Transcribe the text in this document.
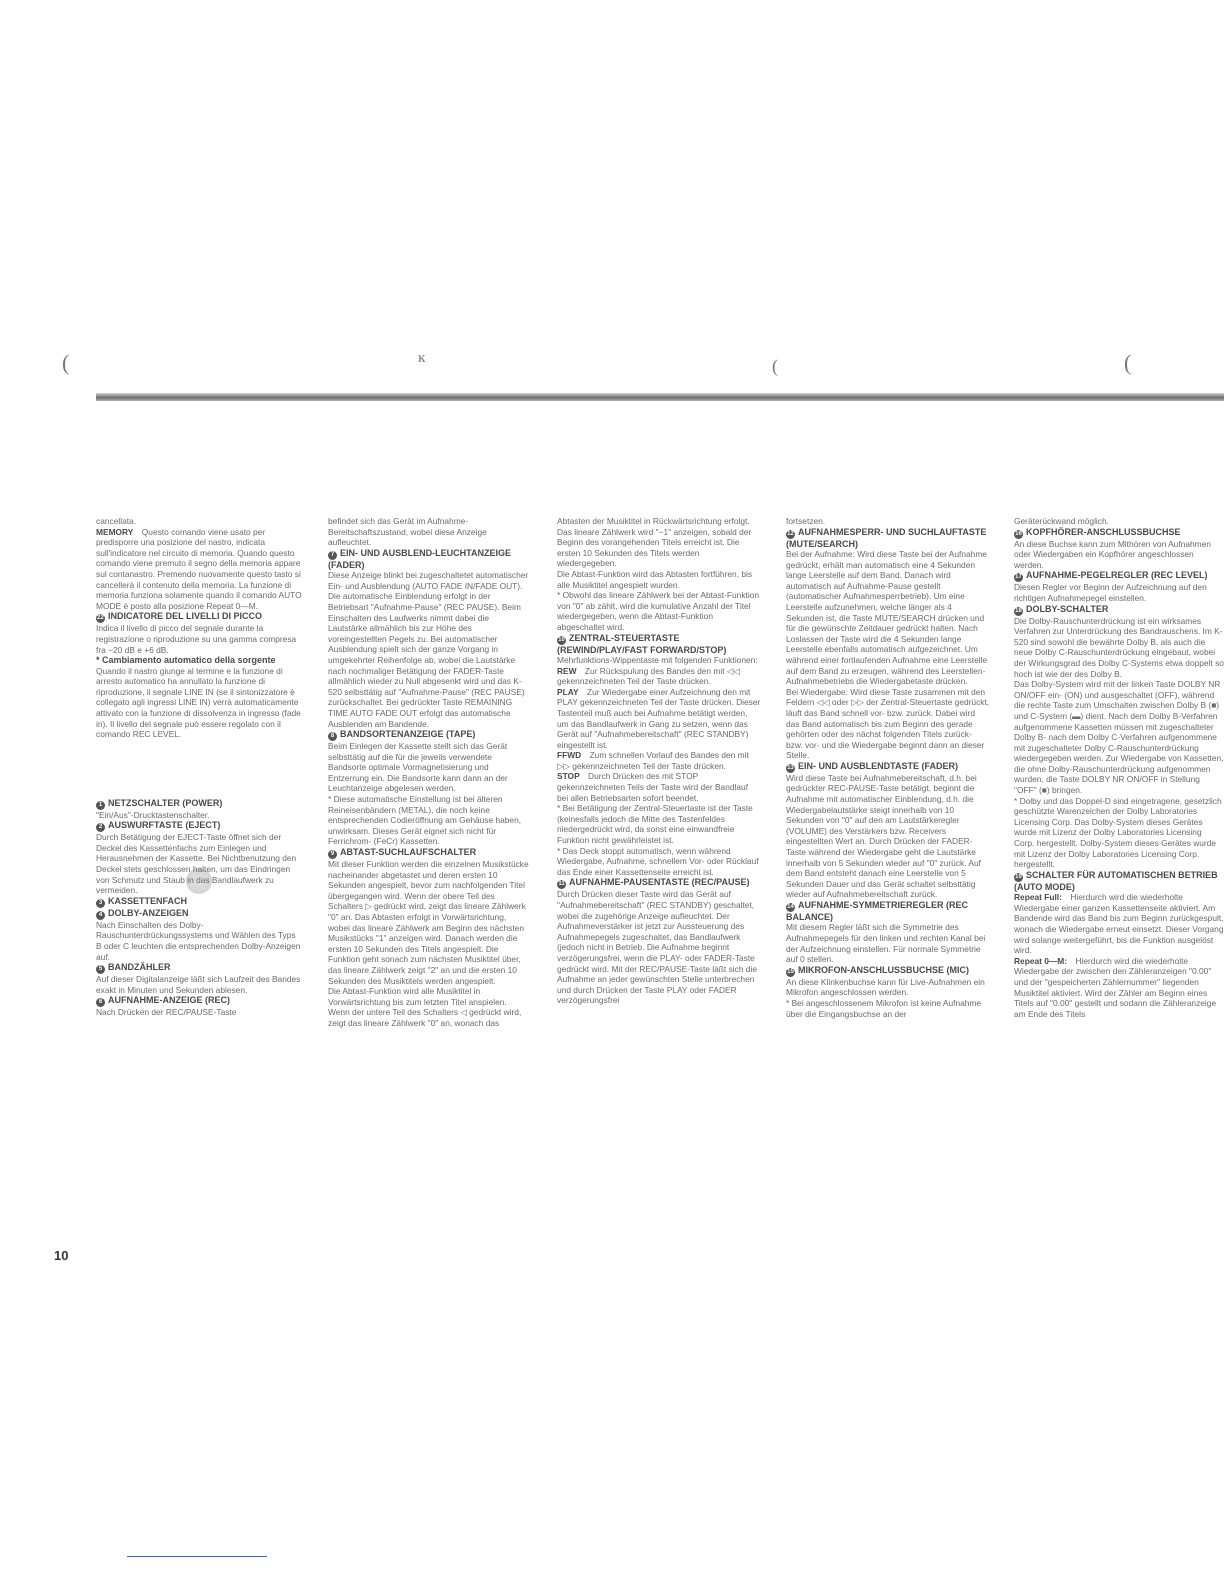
(	ĸ	(	(
10

cancellata.

MEMORY  Questo comando viene usato per predisporre una posizione del nastro, indicata sull'indicatore nel circuito di memoria. Quando questo comando viene premuto il segno della memoria appare sul contanastro. Premendo nuovamente questo tasto si cancellerà il contenuto della memoria. La funzione di memoria funziona solamente quando il comando AUTO MODE è posto alla posizione Repeat 0—M.

22 INDICATORE DEL LIVELLI DI PICCO

Indica il livello di picco del segnale durante la registrazione o riproduzione su una gamma compresa fra −20 dB e +6 dB.

* Cambiamento automatico della sorgente

Quando il nastro giunge al termine e la funzione di arresto automatico ha annullato la funzione di riproduzione, il segnale LINE IN (se il sintonizzatore è collegato agli ingressi LINE IN) verrà automaticamente attivato con la funzione di dissolvenza in ingresso (fade in). Il livello del segnale può essere regolato con il comando REC LEVEL.

1 NETZSCHALTER (POWER)

"Ein/Aus"-Drucktastenschalter.

2 AUSWURFTASTE (EJECT)

Durch Betätigung der EJECT-Taste öffnet sich der Deckel des Kassettenfachs zum Einlegen und Herausnehmen der Kassette. Bei Nichtbenutzung den Deckel stets geschlossen halten, um das Eindringen von Schmutz und Staub in das Bandlaufwerk zu vermeiden.

3 KASSETTENFACH

4 DOLBY-ANZEIGEN

Nach Einschalten des Dolby-Rauschunterdrückungssystems und Wählen des Typs B oder C leuchten die entsprechenden Dolby-Anzeigen auf.

5 BANDZÄHLER

Auf dieser Digitalanzeige läßt sich Laufzeit des Bandes exakt in Minuten und Sekunden ablesen.

6 AUFNAHME-ANZEIGE (REC)

Nach Drücken der REC/PAUSE-Taste

befindet sich das Gerät im Aufnahme-Bereitschaftszustand, wobei diese Anzeige aufleuchtet.

7 EIN- UND AUSBLEND-LEUCHTANZEIGE (FADER)

Diese Anzeige blinkt bei zugeschaltetet automatischer Ein- und Ausblendung (AUTO FADE IN/FADE OUT). Die automatische Einblendung erfolgt in der Betriebsart "Aufnahme-Pause" (REC PAUSE). Beim Einschalten des Laufwerks nimmt dabei die Lautstärke allmählich bis zur Höhe des voreingestellten Pegels zu. Bei automatischer Ausblendung spielt sich der ganze Vorgang in umgekehrter Reihenfolge ab, wobei die Lautstärke nach nochmaliger Betätigung der FADER-Taste allmählich wieder zu Null abgesenkt wird und das K-520 selbsttätig auf "Aufnahme-Pause" (REC PAUSE) zurückschaltet. Bei gedrückter Taste REMAINING TIME AUTO FADE OUT erfolgt das automatische Ausblenden am Bandende.

8 BANDSORTENANZEIGE (TAPE)

Beim Einlegen der Kassette stellt sich das Gerät selbsttätig auf die für die jeweils verwendete Bandsorte optimale Vormagnetisierung und Entzerrung ein. Die Bandsorte kann dann an der Leuchtanzeige abgelesen werden.

* Diese automatische Einstellung ist bei älteren Reineisenbändern (METAL), die noch keine entsprechenden Codieröffnung am Gehäuse haben, unwirksam. Dieses Gerät eignet sich nicht für Ferrichrom- (FeCr) Kassetten.

9 ABTAST-SUCHLAUFSCHALTER

Mit dieser Funktion werden die einzelnen Musikstücke nacheinander abgetastet und deren ersten 10 Sekunden angespielt, bevor zum nachfolgenden Titel übergegangen wird. Wenn der obere Teil des Schalters ▷ gedrückt wird, zeigt das lineare Zählwerk "0" an. Das Abtasten erfolgt in Vorwärtsrichtung, wobei das lineare Zählwerk am Beginn des nächsten Musikstücks "1" anzeigen wird. Danach werden die ersten 10 Sekunden des Titels angespielt. Die Funktion geht sonach zum nächsten Musiktitel über, das lineare Zählwerk zeigt "2" an und die ersten 10 Sekunden des Musiktitels werden angespielt.

Die Abtast-Funktion wird alle Musiktitel in Vorwärtsrichtung bis zum letzten Titel anspielen. Wenn der untere Teil des Schalters ◁ gedrückt wird, zeigt das lineare Zählwerk "0" an, wonach das

Abtasten der Musiktitel in Rückwärtsrichtung erfolgt. Das lineare Zählwerk wird "−1" anzeigen, sobald der Beginn des vorangehenden Titels erreicht ist. Die ersten 10 Sekunden des Titels werden wiedergegeben.

Die Abtast-Funktion wird das Abtasten fortführen, bis alle Musiktitel angespielt wurden.

* Obwohl das lineare Zählwerk bei der Abtast-Funktion von "0" ab zählt, wird die kumulative Anzahl der Titel wiedergegeben, wenn die Abtast-Funktion abgeschaltet wird.

10 ZENTRAL-STEUERTASTE (REWIND/PLAY/FAST FORWARD/STOP)

Mehrfunktions-Wippentaste mit folgenden Funktionen:

REW  Zur Rückspulung des Bandes den mit ◁◁ gekennzeichneten Teil der Taste drücken.

PLAY  Zur Wiedergabe einer Aufzeichnung den mit PLAY gekennzeichneten Teil der Taste drücken. Dieser Tastenteil muß auch bei Aufnahme betätigt werden, um das Bandlaufwerk in Gang zu setzen, wenn das Gerät auf "Aufnahmebereitschaft" (REC STANDBY) eingestellt ist.

FFWD  Zum schnellen Vorlauf des Bandes den mit ▷▷ gekennzeichneten Teil der Taste drücken.

STOP  Durch Drücken des mit STOP gekennzeichneten Teils der Taste wird der Bandlauf bei allen Betriebsarten sofort beendet.

* Bei Betätigung der Zentral-Steuertaste ist der Taste (keinesfalls jedoch die Mitte des Tastenfeldes niedergedrückt wird, da sonst eine einwandfreie Funktion nicht gewährleistet ist.

* Das Deck stoppt automatisch, wenn während Wiedergabe, Aufnahme, schnellem Vor- oder Rücklauf das Ende einer Kassettenseite erreicht ist.

11 AUFNAHME-PAUSENTASTE (REC/PAUSE)

Durch Drücken dieser Taste wird das Gerät auf "Aufnahmebereitschaft" (REC STANDBY) geschaltet, wobei die zugehörige Anzeige aufleuchtet. Der Aufnahmeverstärker ist jetzt zur Aussteuerung des Aufnahmepegels zugeschaltet, das Bandlaufwerk (jedoch nicht in Betrieb. Die Aufnahme beginnt verzögerungsfrei, wenn die PLAY- oder FADER-Taste gedrückt wird. Mit der REC/PAUSE-Taste läßt sich die Aufnahme an jeder gewünschten Stelle unterbrechen und durch Drücken der Taste PLAY oder FADER verzögerungsfrei

fortsetzen.

12 AUFNAHMESPERR- UND SUCHLAUFTASTE (MUTE/SEARCH)

Bei der Aufnahme: Wird diese Taste bei der Aufnahme gedrückt, erhält man automatisch eine 4 Sekunden lange Leerstelle auf dem Band. Danach wird automatisch auf Aufnahme-Pause gestellt (automatischer Aufnahmesperrbetrieb). Um eine Leerstelle aufzunehmen, welche länger als 4 Sekunden ist, die Taste MUTE/SEARCH drücken und für die gewünschte Zeitdauer gedrückt halten. Nach Loslassen der Taste wird die 4 Sekunden lange Leerstelle ebenfalls automatisch aufgezeichnet. Um während einer fortlaufenden Aufnahme eine Leerstelle auf dem Band zu erzeugen, während des Leerstellen-Aufnahmebetriebs die Wiedergabetaste drücken.

Bei Wiedergabe: Wird diese Taste zusammen mit den Feldern ◁◁ oder ▷▷ der Zentral-Steuertaste gedrückt, läuft das Band schnell vor- bzw. zurück. Dabei wird das Band automatisch bis zum Beginn des gerade gehörten oder des nächst folgenden Titels zurück- bzw. vor- und die Wiedergabe beginnt dann an dieser Stelle.

13 EIN- UND AUSBLENDTASTE (FADER)

Wird diese Taste bei Aufnahmebereitschaft, d.h. bei gedrückter REC-PAUSE-Taste betätigt, beginnt die Aufnahme mit automatischer Einblendung, d.h. die Wiedergabelautstärke steigt innerhalb von 10 Sekunden von "0" auf den am Lautstärkeregler (VOLUME) des Verstärkers bzw. Receivers eingestellten Wert an. Durch Drücken der FADER-Taste während der Wiedergabe geht die Lautstärke innerhalb von 5 Sekunden wieder auf "0" zurück. Auf dem Band entsteht danach eine Leerstelle von 5 Sekunden Dauer und das Gerät schaltet selbsttätig wieder auf Aufnahmebereitschaft zurück.

14 AUFNAHME-SYMMETRIEREGLER (REC BALANCE)

Mit diesem Regler läßt sich die Symmetrie des Aufnahmepegels für den linken und rechten Kanal bei der Aufzeichnung einstellen. Für normale Symmetrie auf 0 stellen.

15 MIKROFON-ANSCHLUSSBUCHSE (MIC)

An diese Klinkenbuchse kann für Live-Aufnahmen ein Mikrofon angeschlossen werden.

* Bei angeschlossenem Mikrofon ist keine Aufnahme über die Eingangsbuchse an der

Geräterückwand möglich.

16 KOPFHÖRER-ANSCHLUSSBUCHSE

An diese Buchse kann zum Mithören von Aufnahmen oder Wiedergaben ein Kopfhörer angeschlossen werden.

17 AUFNAHME-PEGELREGLER (REC LEVEL)

Diesen Regler vor Beginn der Aufzeichnung auf den richtigen Aufnahmepegel einstellen.

18 DOLBY-SCHALTER

Die Dolby-Rauschunterdrückung ist ein wirksames Verfahren zur Unterdrückung des Bandrauschens. Im K-520 sind sowohl die bewährte Dolby B, als auch die neue Dolby C-Rauschunterdrückung eingebaut, wobei der Wirkungsgrad des Dolby C-Systems etwa doppelt so hoch ist wie der des Dolby B.

Das Dolby-System wird mit der linken Taste DOLBY NR ON/OFF ein- (ON) und ausgeschaltet (OFF), während die rechte Taste zum Umschalten zwischen Dolby B (■) und C-System (▬) dient. Nach dem Dolby B-Verfahren aufgenommene Kassetten müssen mit zugeschalteter Dolby B- nach dem Dolby C-Verfahren aufgenommene mit zugeschalteter Dolby C-Rauschunterdrückung wiedergegeben werden. Zur Wiedergabe von Kassetten, die ohne Dolby-Rauschunterdrückung aufgenommen wurden, die Taste DOLBY NR ON/OFF in Stellung "OFF" (■) bringen.

* Dolby und das Doppel-D sind eingetragene, gesetzlich geschützte Warenzeichen der Dolby Laboratories Licensing Corp. Das Dolby-System dieses Gerätes wurde mit Lizenz der Dolby Laboratories Licensing Corp. hergestellt. Dolby-System dieses Gerätes wurde mit Lizenz der Dolby Laboratories Licensing Corp. hergestellt.

19 SCHALTER FÜR AUTOMATISCHEN BETRIEB (AUTO MODE)

Repeat Full:  Hierdurch wird die wiederholte Wiedergabe einer ganzen Kassettenseite aktiviert. Am Bandende wird das Band bis zum Beginn zurückgespult, wonach die Wiedergabe erneut einsetzt. Dieser Vorgang wird solange weitergeführt, bis die Funktion ausgelöst wird.

Repeat 0—M:  Hierdurch wird die wiederholte Wiedergabe der zwischen den Zähleranzeigen "0.00" und der "gespeicherten Zählernummer" liegenden Musiktitel aktiviert. Wird der Zähler am Beginn eines Titels auf "0.00" gestellt und sodann die Zähleranzeige am Ende des Titels
